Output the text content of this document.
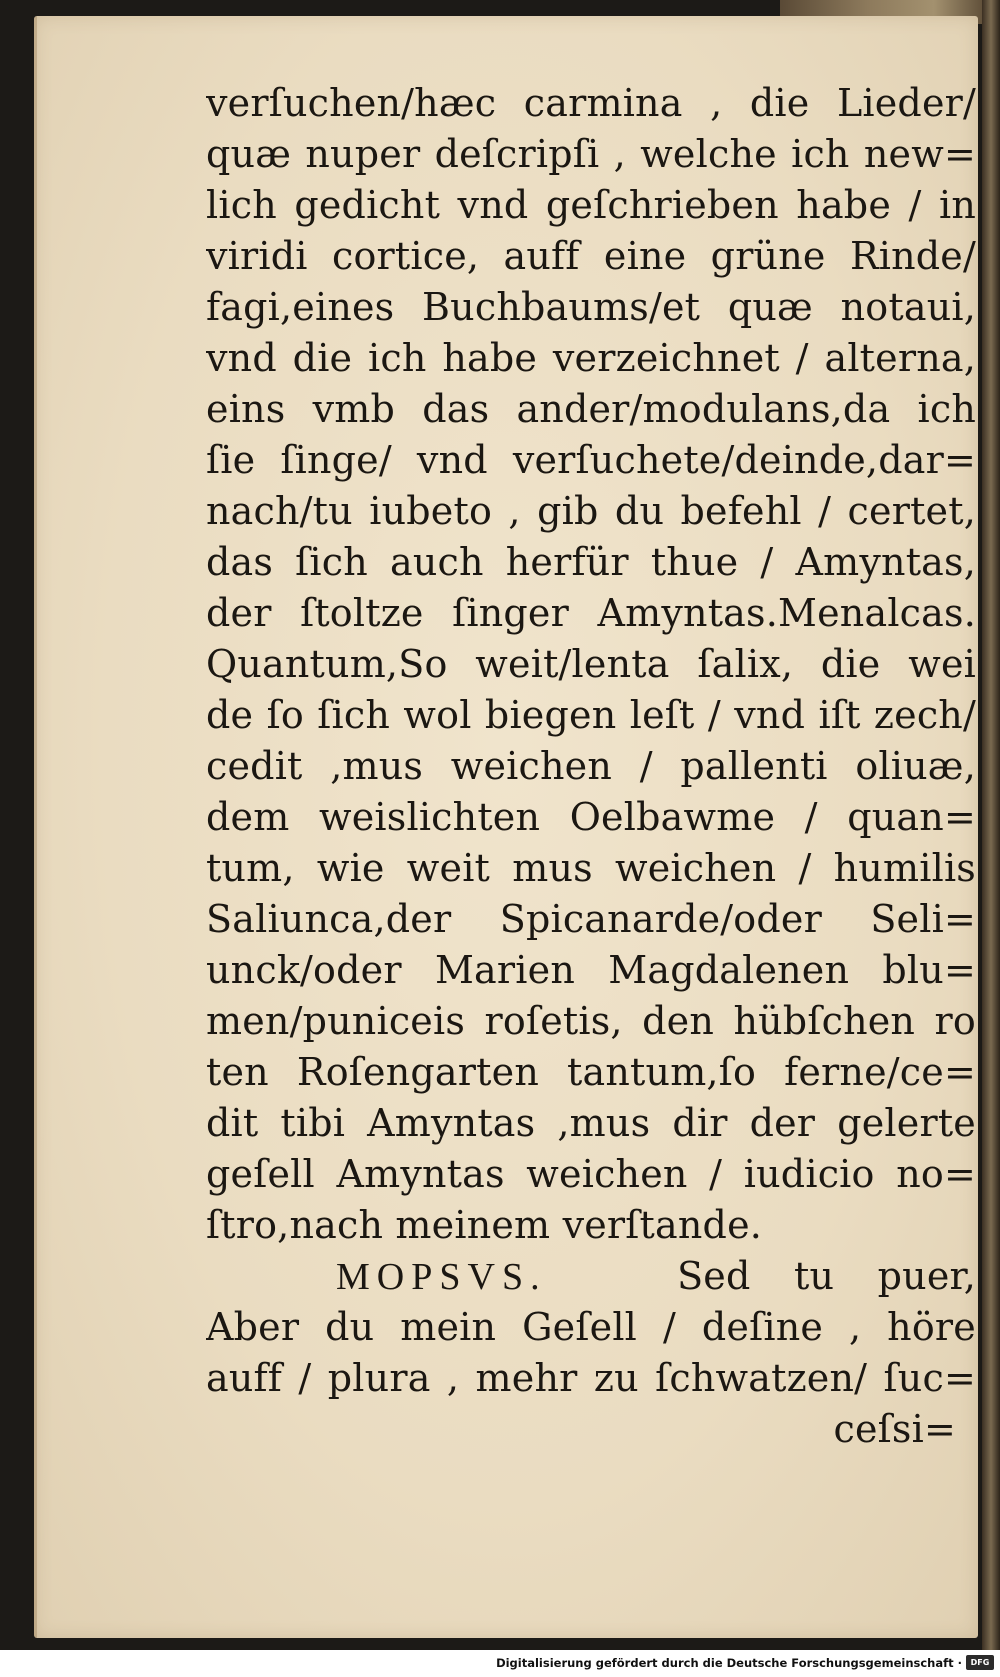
verſuchen/hæc carmina , die Lieder/
quæ nuper deſcripſi , welche ich new=
lich gedicht vnd geſchrieben habe / in
viridi cortice, auff eine grüne Rinde/
fagi,eines Buchbaums/et quæ notaui,
vnd die ich habe verzeichnet / alterna,
eins vmb das ander/modulans,da ich
ſie ſinge/ vnd verſuchete/deinde,dar=
nach/tu iubeto , gib du befehl / certet,
das ſich auch herfür thue / Amyntas,
der ſtoltze ſinger Amyntas.Menalcas.
Quantum,So weit/lenta ſalix, die wei
de ſo ſich wol biegen leſt / vnd iſt zech/
cedit ,mus weichen / pallenti oliuæ,
dem weislichten Oelbawme / quan=
tum, wie weit mus weichen / humilis
Saliunca,der Spicanarde/oder Seli=
unck/oder Marien Magdalenen blu=
men/puniceis roſetis, den hübſchen ro
ten Roſengarten tantum,ſo ferne/ce=
dit tibi Amyntas ,mus dir der gelerte
geſell Amyntas weichen / iudicio no=
ſtro,nach meinem verſtande.
MOPSVS.	Sed tu puer,
Aber du mein Geſell / deſine , höre
auff / plura , mehr zu ſchwatzen/ ſuc=
ceſsi=
Digitalisierung gefördert durch die Deutsche Forschungsgemeinschaft ·	DFG
